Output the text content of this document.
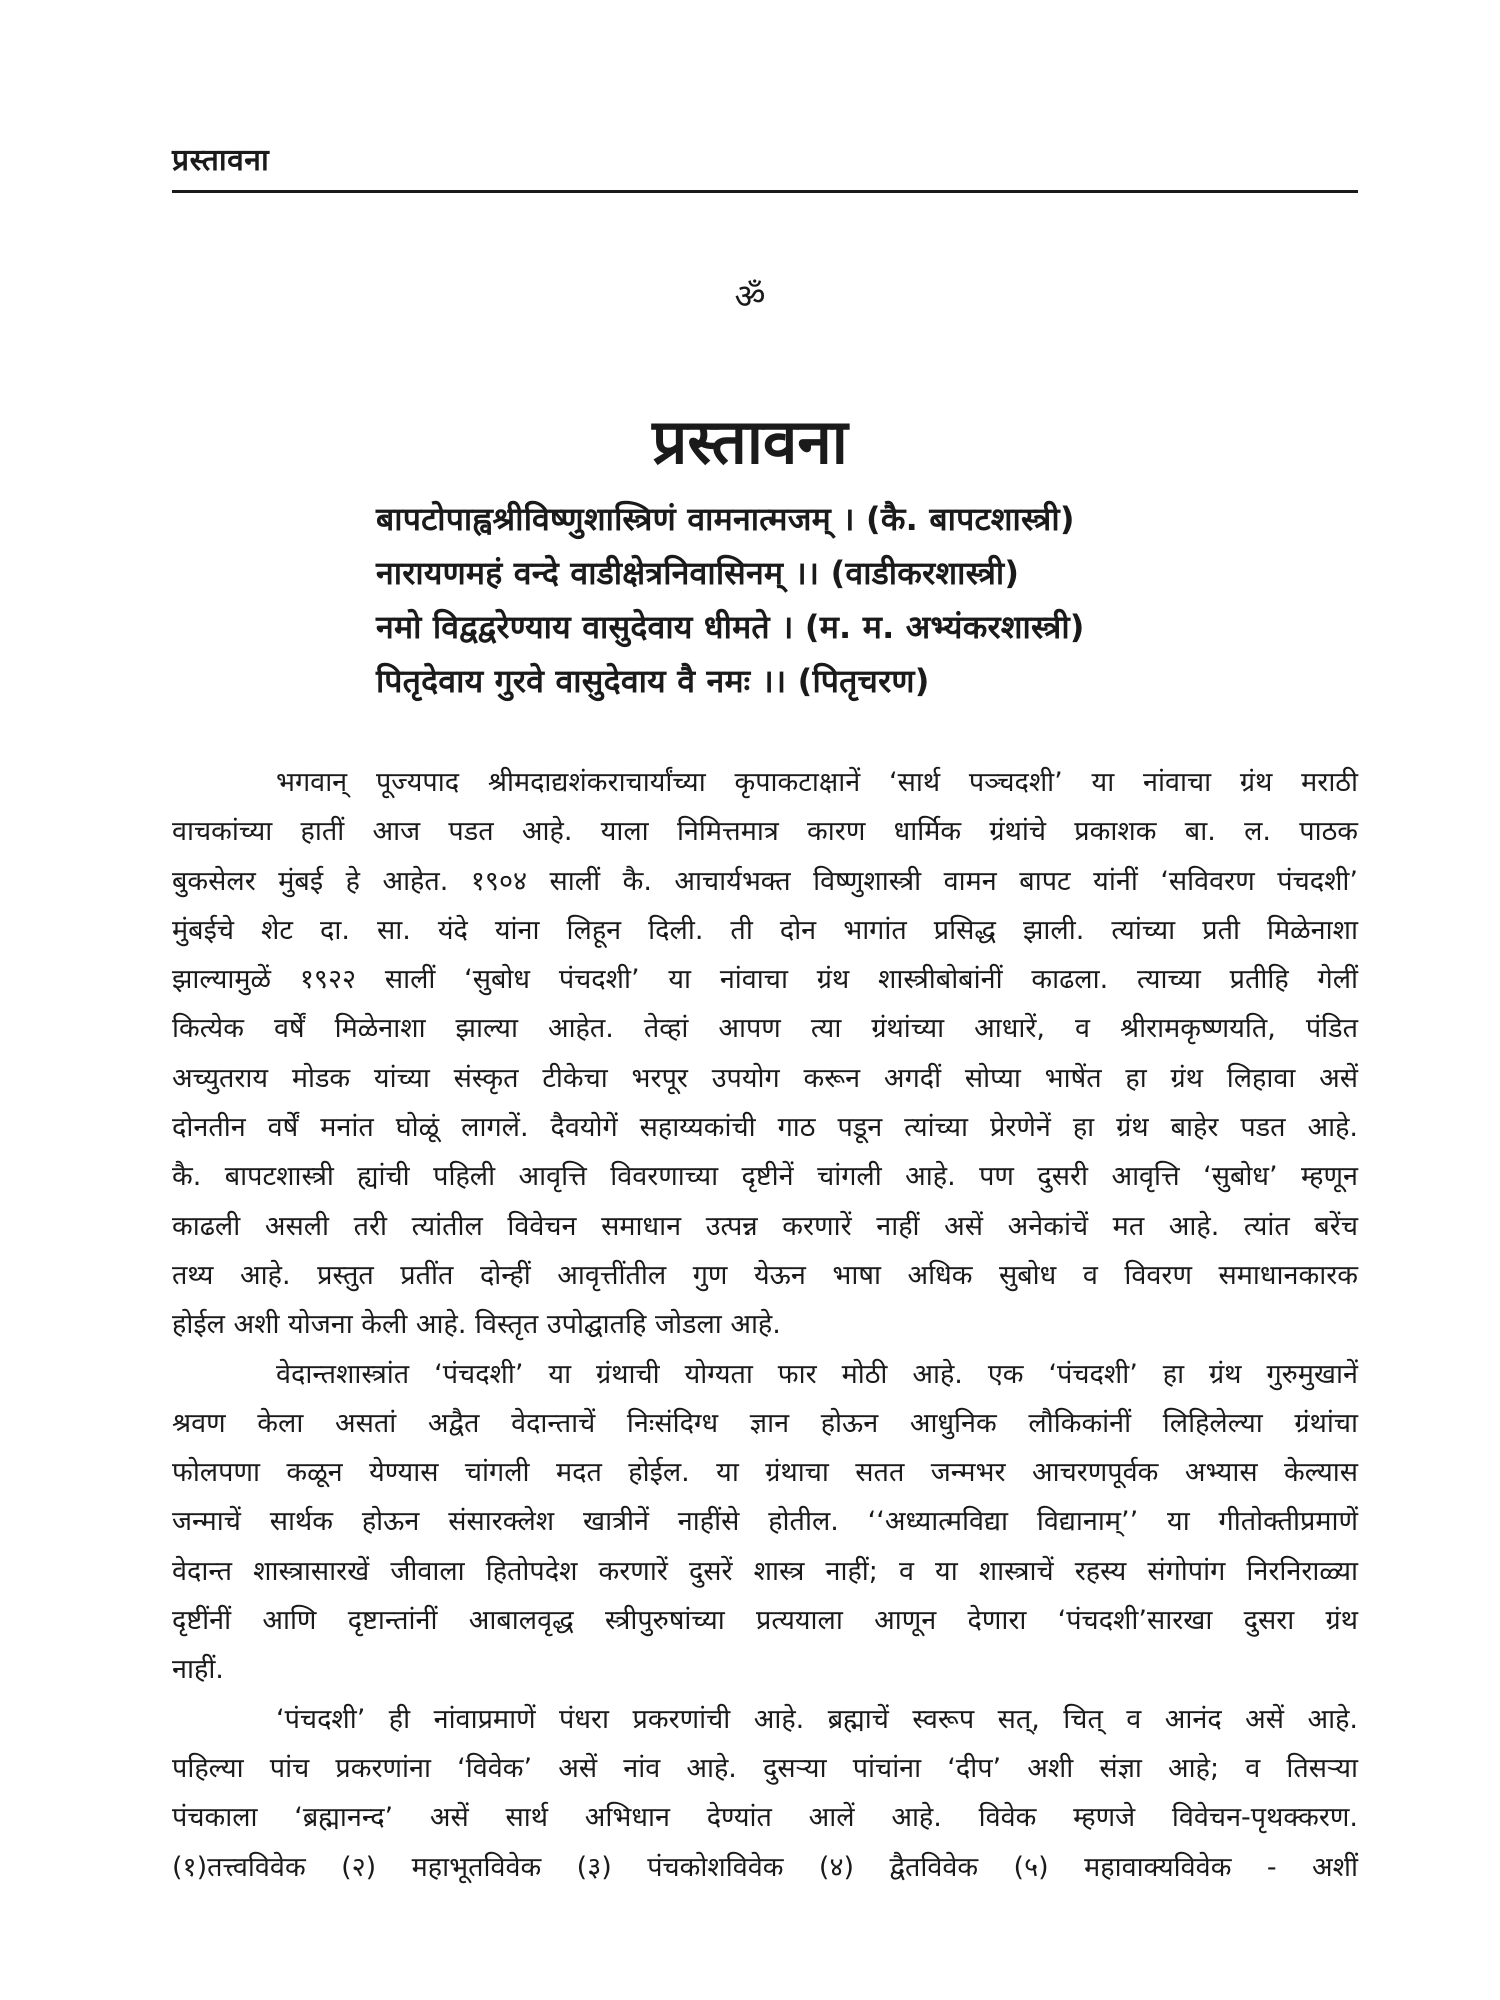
प्रस्तावना
ॐ
प्रस्तावना
बापटोपाह्वश्रीविष्णुशास्त्रिणं वामनात्मजम् । (कै. बापटशास्त्री)
नारायणमहं वन्दे वाडीक्षेत्रनिवासिनम् ।। (वाडीकरशास्त्री)
नमो विद्वद्वरेण्याय वासुदेवाय धीमते । (म. म. अभ्यंकरशास्त्री)
पितृदेवाय गुरवे वासुदेवाय वै नमः ।। (पितृचरण)

भगवान् पूज्यपाद श्रीमदाद्यशंकराचार्यांच्या कृपाकटाक्षानें ‘सार्थ पञ्चदशी’ या नांवाचा ग्रंथ मराठी
वाचकांच्या हातीं आज पडत आहे. याला निमित्तमात्र कारण धार्मिक ग्रंथांचे प्रकाशक बा. ल. पाठक
बुकसेलर मुंबई हे आहेत. १९०४ सालीं कै. आचार्यभक्त विष्णुशास्त्री वामन बापट यांनीं ‘सविवरण पंचदशी’
मुंबईचे शेट दा. सा. यंदे यांना लिहून दिली. ती दोन भागांत प्रसिद्ध झाली. त्यांच्या प्रती मिळेनाशा
झाल्यामुळें १९२२ सालीं ‘सुबोध पंचदशी’ या नांवाचा ग्रंथ शास्त्रीबोबांनीं काढला. त्याच्या प्रतीहि गेलीं
कित्येक वर्षें मिळेनाशा झाल्या आहेत. तेव्हां आपण त्या ग्रंथांच्या आधारें, व श्रीरामकृष्णयति, पंडित
अच्युतराय मोडक यांच्या संस्कृत टीकेचा भरपूर उपयोग करून अगदीं सोप्या भाषेंत हा ग्रंथ लिहावा असें
दोनतीन वर्षें मनांत घोळूं लागलें. दैवयोगें सहाय्यकांची गाठ पडून त्यांच्या प्रेरणेनें हा ग्रंथ बाहेर पडत आहे.
कै. बापटशास्त्री ह्यांची पहिली आवृत्ति विवरणाच्या दृष्टीनें चांगली आहे. पण दुसरी आवृत्ति ‘सुबोध’ म्हणून
काढली असली तरी त्यांतील विवेचन समाधान उत्पन्न करणारें नाहीं असें अनेकांचें मत आहे. त्यांत बरेंच
तथ्य आहे. प्रस्तुत प्रतींत दोन्हीं आवृत्तींतील गुण येऊन भाषा अधिक सुबोध व विवरण समाधानकारक
होईल अशी योजना केली आहे. विस्तृत उपोद्घातहि जोडला आहे.

वेदान्तशास्त्रांत ‘पंचदशी’ या ग्रंथाची योग्यता फार मोठी आहे. एक ‘पंचदशी’ हा ग्रंथ गुरुमुखानें
श्रवण केला असतां अद्वैत वेदान्ताचें निःसंदिग्ध ज्ञान होऊन आधुनिक लौकिकांनीं लिहिलेल्या ग्रंथांचा
फोलपणा कळून येण्यास चांगली मदत होईल. या ग्रंथाचा सतत जन्मभर आचरणपूर्वक अभ्यास केल्यास
जन्माचें सार्थक होऊन संसारक्लेश खात्रीनें नाहींसे होतील. ‘‘अध्यात्मविद्या विद्यानाम्’’ या गीतोक्तीप्रमाणें
वेदान्त शास्त्रासारखें जीवाला हितोपदेश करणारें दुसरें शास्त्र नाहीं; व या शास्त्राचें रहस्य संगोपांग निरनिराळ्या
दृष्टींनीं आणि दृष्टान्तांनीं आबालवृद्ध स्त्रीपुरुषांच्या प्रत्ययाला आणून देणारा ‘पंचदशी’सारखा दुसरा ग्रंथ
नाहीं.

‘पंचदशी’ ही नांवाप्रमाणें पंधरा प्रकरणांची आहे. ब्रह्माचें स्वरूप सत्, चित् व आनंद असें आहे.
पहिल्या पांच प्रकरणांना ‘विवेक’ असें नांव आहे. दुसऱ्या पांचांना ‘दीप’ अशी संज्ञा आहे; व तिसऱ्या
पंचकाला ‘ब्रह्मानन्द’ असें सार्थ अभिधान देण्यांत आलें आहे. विवेक म्हणजे विवेचन-पृथक्करण.
(१)तत्त्वविवेक (२) महाभूतविवेक (३) पंचकोशविवेक (४) द्वैतविवेक (५) महावाक्यविवेक - अशीं
